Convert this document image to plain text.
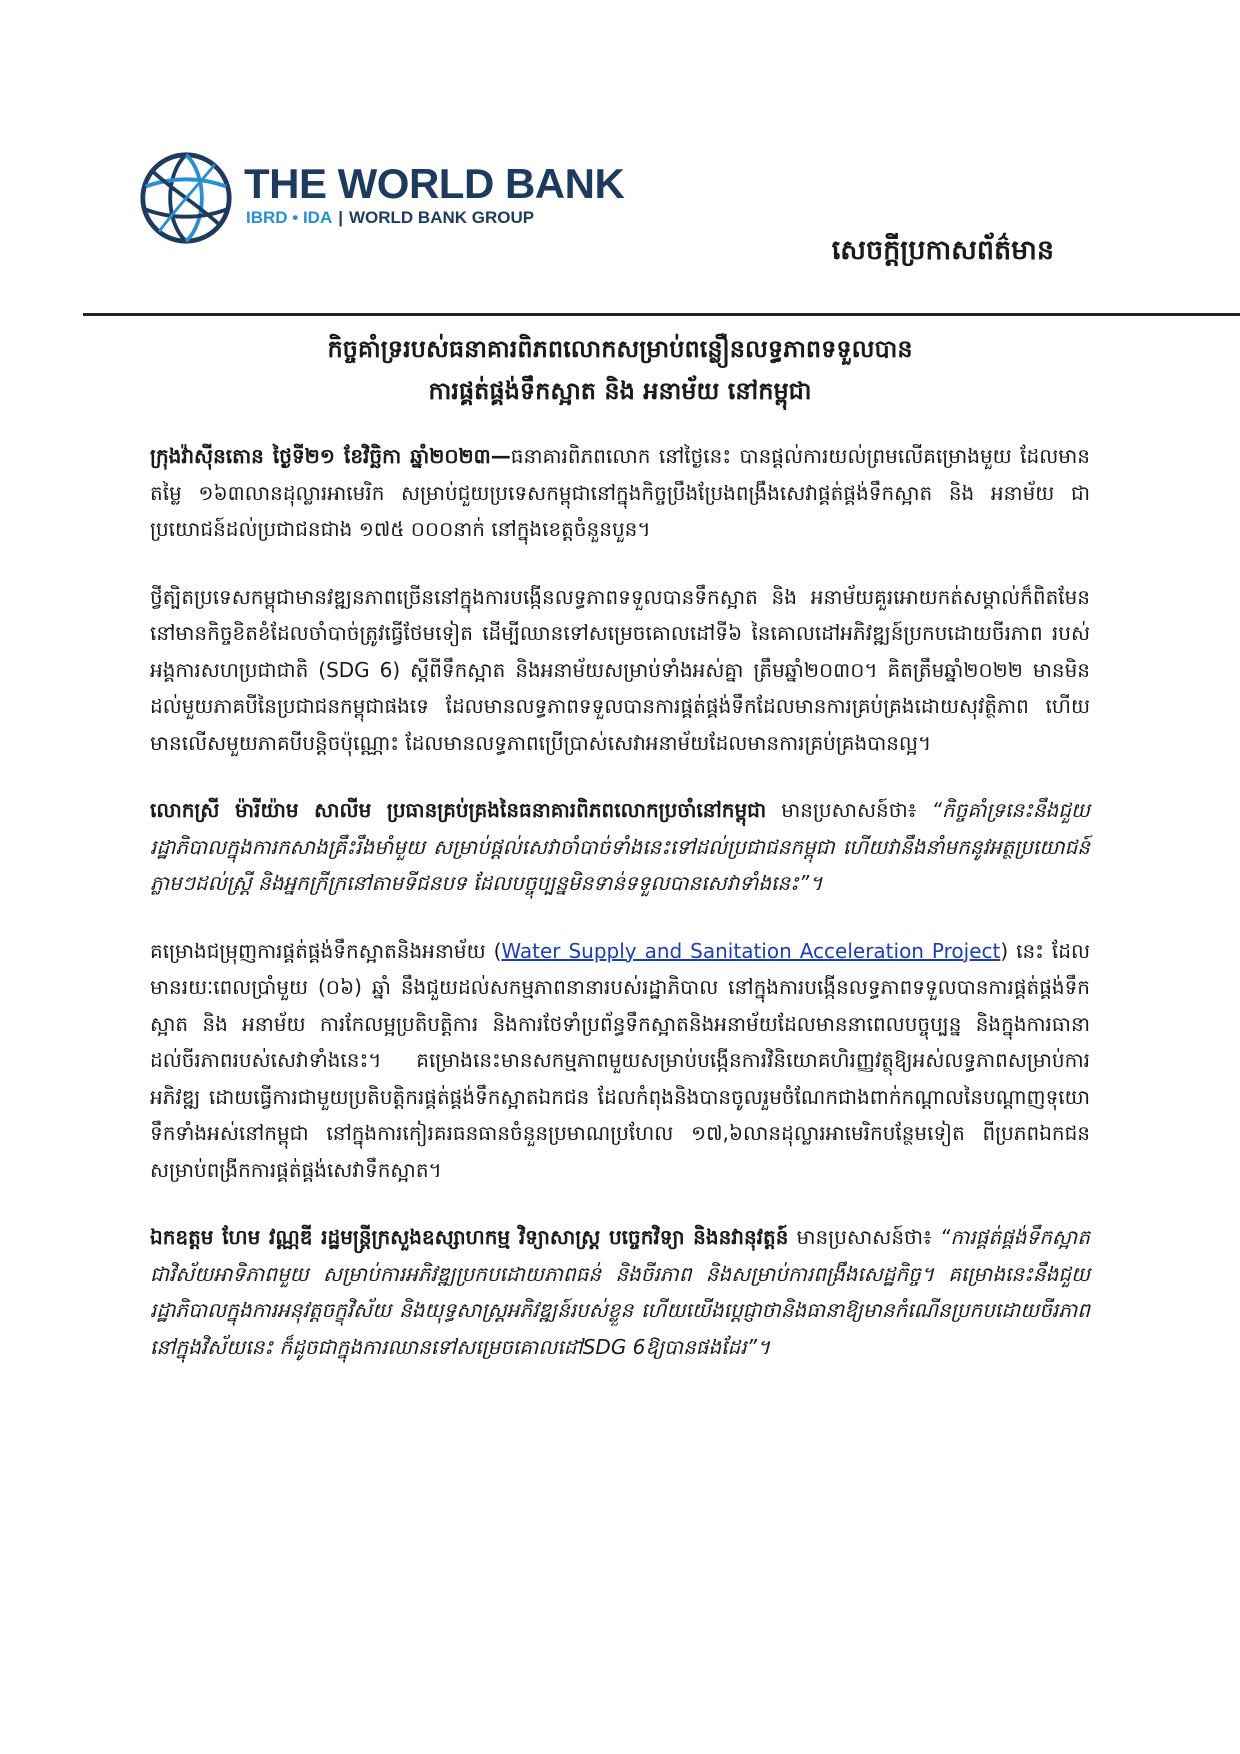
THE WORLD BANK
IBRD • IDA | WORLD BANK GROUP
សេចក្តីប្រកាសព័ត៌មាន
កិច្ចគាំទ្ររបស់ធនាគារពិភពលោកសម្រាប់ពន្លឿនលទ្ធភាពទទួលបាន
ការផ្គត់ផ្គង់ទឹកស្អាត និង អនាម័យ នៅកម្ពុជា

ក្រុងវ៉ាស៊ីនតោន ថ្ងៃទី២១ ខែវិច្ឆិកា ឆ្នាំ២០២៣—ធនាគារពិភពលោក នៅថ្ងៃនេះ បានផ្តល់ការយល់ព្រមលើគម្រោងមួយ ដែលមានតម្លៃ ១៦៣លានដុល្លារអាមេរិក សម្រាប់ជួយប្រទេសកម្ពុជានៅក្នុងកិច្ចប្រឹងប្រែងពង្រឹងសេវាផ្គត់ផ្គង់ទឹកស្អាត និង អនាម័យ ជាប្រយោជន៍ដល់ប្រជាជនជាង ១៧៥ ០០០នាក់ នៅក្នុងខេត្តចំនួនបួន។

ថ្វីត្បិតប្រទេសកម្ពុជាមានវឌ្ឍនភាពច្រើននៅក្នុងការបង្កើនលទ្ធភាពទទួលបានទឹកស្អាត និង អនាម័យគួរអោយកត់សម្គាល់ក៏ពិតមែន នៅមានកិច្ចខិតខំដែលចាំបាច់ត្រូវធ្វើថែមទៀត ដើម្បីឈានទៅសម្រេចគោលដៅទី៦ នៃគោលដៅអភិវឌ្ឍន៍ប្រកបដោយចីរភាព របស់អង្គការសហប្រជាជាតិ (SDG 6) ស្តីពីទឹកស្អាត និងអនាម័យសម្រាប់ទាំងអស់គ្នា ត្រឹមឆ្នាំ២០៣០។ គិតត្រឹមឆ្នាំ២០២២ មានមិនដល់មួយភាគបីនៃប្រជាជនកម្ពុជាផងទេ ដែលមានលទ្ធភាពទទួលបានការផ្គត់ផ្គង់ទឹកដែលមានការគ្រប់គ្រងដោយសុវត្ថិភាព ហើយមានលើសមួយភាគបីបន្តិចប៉ុណ្ណោះ ដែលមានលទ្ធភាពប្រើប្រាស់សេវាអនាម័យដែលមានការគ្រប់គ្រងបានល្អ។

លោកស្រី ម៉ារីយ៉ាម សាលីម ប្រធានគ្រប់គ្រងនៃធនាគារពិភពលោកប្រចាំនៅកម្ពុជា មានប្រសាសន៍ថា៖ “កិច្ចគាំទ្រនេះនឹងជួយរដ្ឋាភិបាលក្នុងការកសាងគ្រឹះរឹងមាំមួយ សម្រាប់ផ្តល់សេវាចាំបាច់ទាំងនេះទៅដល់ប្រជាជនកម្ពុជា ហើយវានឹងនាំមកនូវអត្ថប្រយោជន៍ភ្លាមៗដល់ស្ត្រី និងអ្នកក្រីក្រនៅតាមទីជនបទ ដែលបច្ចុប្បន្នមិនទាន់ទទួលបានសេវាទាំងនេះ”។

គម្រោងជម្រុញការផ្គត់ផ្គង់ទឹកស្អាតនិងអនាម័យ (Water Supply and Sanitation Acceleration Project) នេះ ដែលមានរយៈពេលប្រាំមួយ (០៦) ឆ្នាំ នឹងជួយដល់សកម្មភាពនានារបស់រដ្ឋាភិបាល នៅក្នុងការបង្កើនលទ្ធភាពទទួលបានការផ្គត់ផ្គង់ទឹកស្អាត និង អនាម័យ ការកែលម្អប្រតិបត្តិការ និងការថែទាំប្រព័ន្ធទឹកស្អាតនិងអនាម័យដែលមាននាពេលបច្ចុប្បន្ន និងក្នុងការធានាដល់ចីរភាពរបស់សេវាទាំងនេះ។ គម្រោងនេះមានសកម្មភាពមួយសម្រាប់បង្កើនការវិនិយោគហិរញ្ញវត្ថុឱ្យអស់លទ្ធភាពសម្រាប់ការអភិវឌ្ឍ ដោយធ្វើការជាមួយប្រតិបត្តិករផ្គត់ផ្គង់ទឹកស្អាតឯកជន ដែលកំពុងនិងបានចូលរួមចំណែកជាងពាក់កណ្តាលនៃបណ្តាញទុយោទឹកទាំងអស់នៅកម្ពុជា នៅក្នុងការកៀរគរធនធានចំនួនប្រមាណប្រហែល ១៧,៦លានដុល្លារអាមេរិកបន្ថែមទៀត ពីប្រភពឯកជន សម្រាប់ពង្រីកការផ្គត់ផ្គង់សេវាទឹកស្អាត។

ឯកឧត្តម ហែម វណ្ណឌី រដ្ឋមន្ត្រីក្រសួងឧស្សាហកម្ម វិទ្យាសាស្ត្រ បច្ចេកវិទ្យា និងនវានុវត្តន៍ មានប្រសាសន៍ថា៖ “ការផ្គត់ផ្គង់ទឹកស្អាតជាវិស័យអាទិភាពមួយ សម្រាប់ការអភិវឌ្ឍប្រកបដោយភាពធន់ និងចីរភាព និងសម្រាប់ការពង្រឹងសេដ្ឋកិច្ច។ គម្រោងនេះនឹងជួយរដ្ឋាភិបាលក្នុងការអនុវត្តចក្ខុវិស័យ និងយុទ្ធសាស្ត្រអភិវឌ្ឍន៍របស់ខ្លួន ហើយយើងប្តេជ្ញាថានិងធានាឱ្យមានកំណើនប្រកបដោយចីរភាព នៅក្នុងវិស័យនេះ ក៏ដូចជាក្នុងការឈានទៅសម្រេចគោលដៅSDG 6ឱ្យបានផងដែរ”។
